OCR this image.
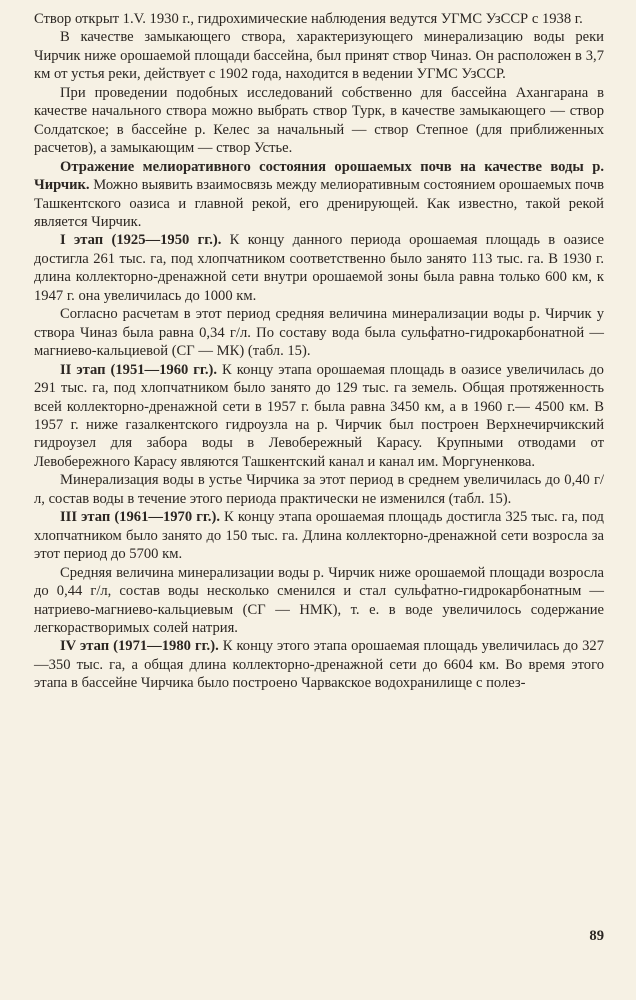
Створ открыт 1.V. 1930 г., гидрохимические наблюдения ведутся УГМС УзССР с 1938 г.

В качестве замыкающего створа, характеризующего минерализацию воды реки Чирчик ниже орошаемой площади бассейна, был принят створ Чиназ. Он расположен в 3,7 км от устья реки, действует с 1902 года, находится в ведении УГМС УзССР.

При проведении подобных исследований собственно для бассейна Ахангарана в качестве начального створа можно выбрать створ Турк, в качестве замыкающего — створ Солдатское; в бассейне р. Келес за начальный — створ Степное (для приближенных расчетов), а замыкающим — створ Устье.

Отражение мелиоративного состояния орошаемых почв на качестве воды р. Чирчик. Можно выявить взаимосвязь между мелиоративным состоянием орошаемых почв Ташкентского оазиса и главной рекой, его дренирующей. Как известно, такой рекой является Чирчик.

I этап (1925—1950 гг.). К концу данного периода орошаемая площадь в оазисе достигла 261 тыс. га, под хлопчатником соответственно было занято 113 тыс. га. В 1930 г. длина коллекторно-дренажной сети внутри орошаемой зоны была равна только 600 км, к 1947 г. она увеличилась до 1000 км.

Согласно расчетам в этот период средняя величина минерализации воды р. Чирчик у створа Чиназ была равна 0,34 г/л. По составу вода была сульфатно-гидрокарбонатной — магниево-кальциевой (СГ — МК) (табл. 15).

II этап (1951—1960 гг.). К концу этапа орошаемая площадь в оазисе увеличилась до 291 тыс. га, под хлопчатником было занято до 129 тыс. га земель. Общая протяженность всей коллекторно-дренажной сети в 1957 г. была равна 3450 км, а в 1960 г.— 4500 км. В 1957 г. ниже газалкентского гидроузла на р. Чирчик был построен Верхнечирчикский гидроузел для забора воды в Левобережный Карасу. Крупными отводами от Левобережного Карасу являются Ташкентский канал и канал им. Моргуненкова.

Минерализация воды в устье Чирчика за этот период в среднем увеличилась до 0,40 г/л, состав воды в течение этого периода практически не изменился (табл. 15).

III этап (1961—1970 гг.). К концу этапа орошаемая площадь достигла 325 тыс. га, под хлопчатником было занято до 150 тыс. га. Длина коллекторно-дренажной сети возросла за этот период до 5700 км.

Средняя величина минерализации воды р. Чирчик ниже орошаемой площади возросла до 0,44 г/л, состав воды несколько сменился и стал сульфатно-гидрокарбонатным — натриево-магниево-кальциевым (СГ — НМК), т. е. в воде увеличилось содержание легкорастворимых солей натрия.

IV этап (1971—1980 гг.). К концу этого этапа орошаемая площадь увеличилась до 327—350 тыс. га, а общая длина коллекторно-дренажной сети до 6604 км. Во время этого этапа в бассейне Чирчика было построено Чарвакское водохранилище с полез-

89
